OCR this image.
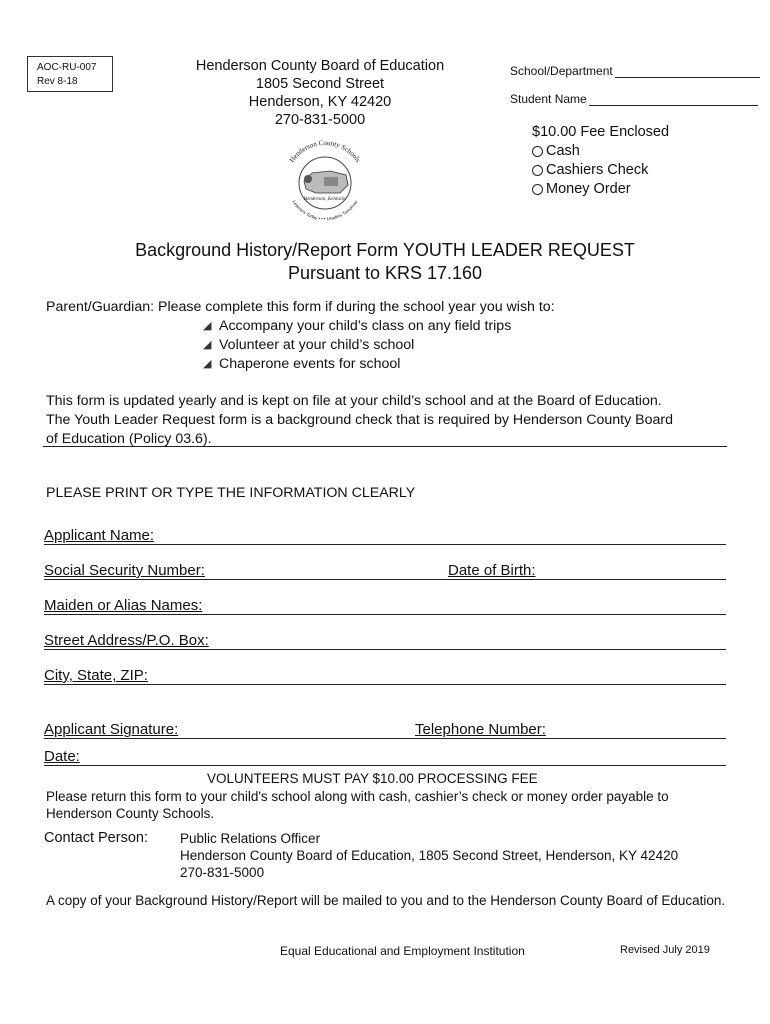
AOC-RU-007
Rev 8-18
Henderson County Board of Education
1805 Second Street
Henderson, KY 42420
270-831-5000
Henderson, Kentucky
Henderson County Schools
Learners Today • • • Leaders Tomorrow
School/Department
Student Name
$10.00 Fee Enclosed
Cash
Cashiers Check
Money Order
Background History/Report Form YOUTH LEADER REQUEST
Pursuant to KRS 17.160
Parent/Guardian: Please complete this form if during the school year you wish to:
◢ Accompany your child’s class on any field trips
◢ Volunteer at your child’s school
◢ Chaperone events for school
This form is updated yearly and is kept on file at your child’s school and at the Board of Education.
The Youth Leader Request form is a background check that is required by Henderson County Board
of Education (Policy 03.6).
PLEASE PRINT OR TYPE THE INFORMATION CLEARLY
Applicant Name:
Social Security Number:	Date of Birth:
Maiden or Alias Names:
Street Address/P.O. Box:
City, State, ZIP:
Applicant Signature:	Telephone Number:
Date:
VOLUNTEERS MUST PAY $10.00 PROCESSING FEE
Please return this form to your child's school along with cash, cashier’s check or money order payable to
Henderson County Schools.
Contact Person: Public Relations Officer
Henderson County Board of Education, 1805 Second Street, Henderson, KY 42420
270-831-5000
A copy of your Background History/Report will be mailed to you and to the Henderson County Board of Education.
Equal Educational and Employment Institution	Revised July 2019
